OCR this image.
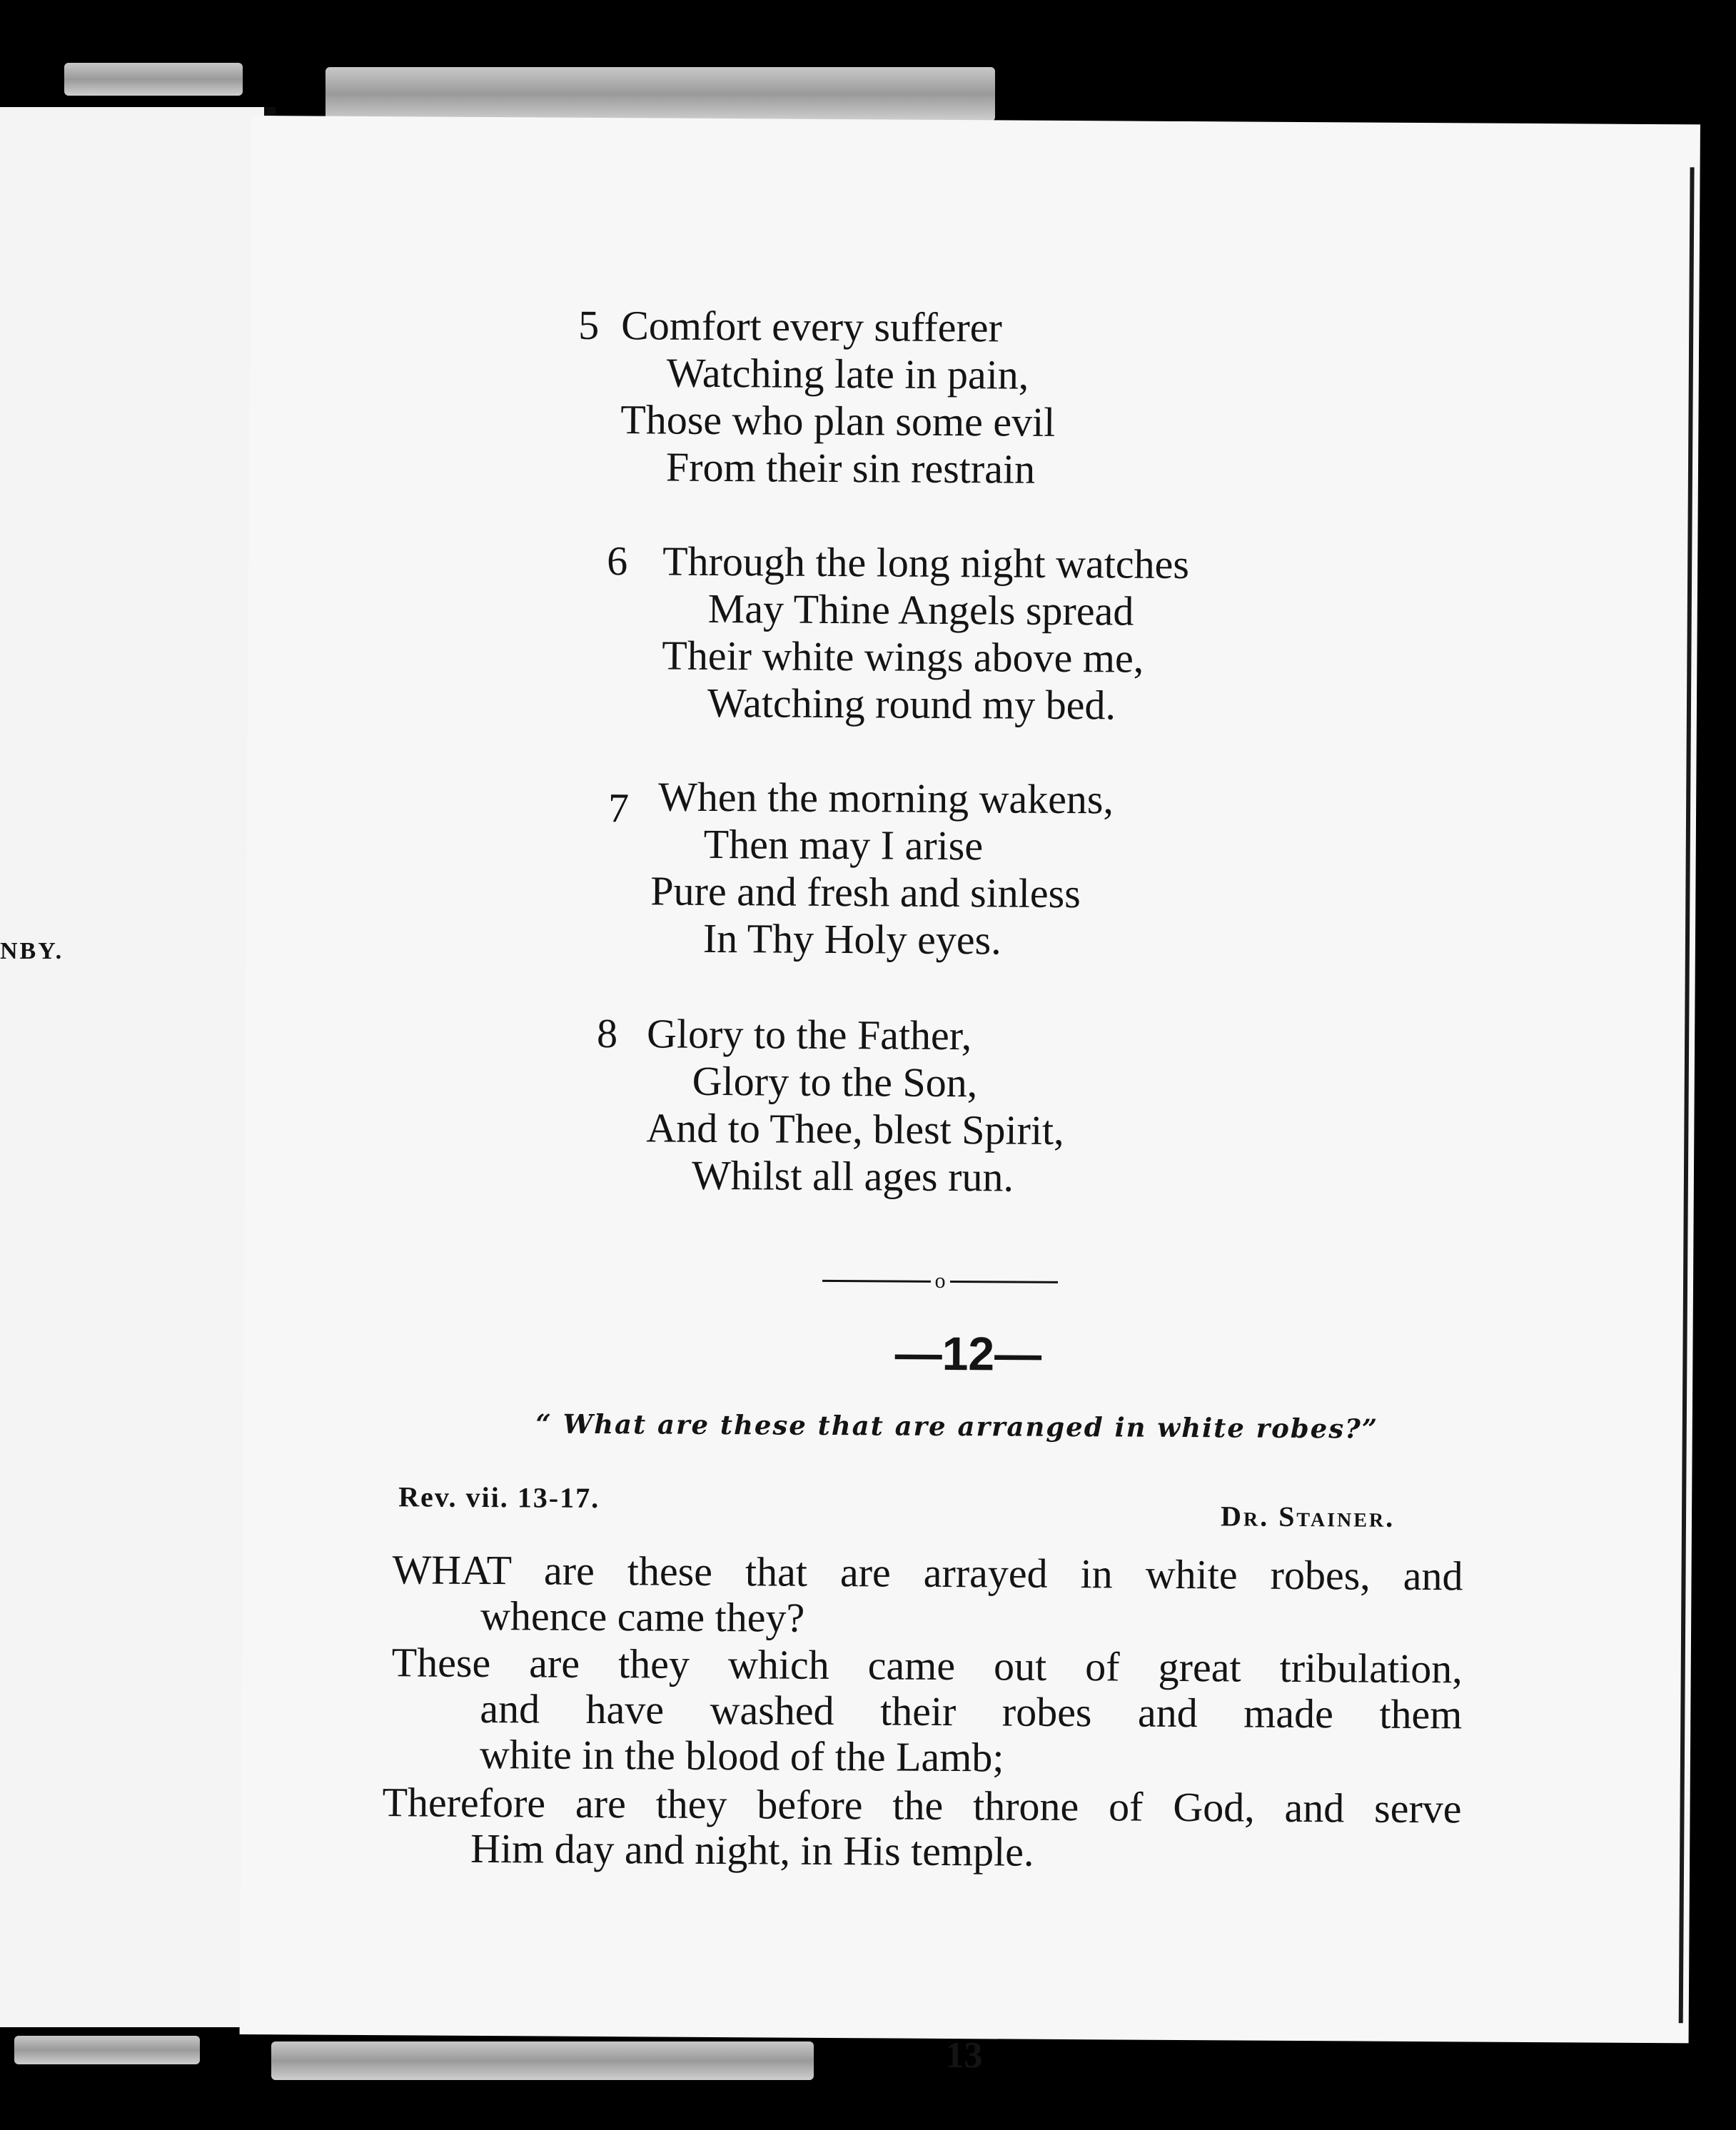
NBY.
5 Comfort every sufferer
Watching late in pain,
Those who plan some evil
From their sin restrain
6 Through the long night watches
May Thine Angels spread
Their white wings above me,
Watching round my bed.
7 When the morning wakens,
Then may I arise
Pure and fresh and sinless
In Thy Holy eyes.
8 Glory to the Father,
Glory to the Son,
And to Thee, blest Spirit,
Whilst all ages run.
o
—12—
“ What are these that are arranged in white robes?”
Rev. vii. 13-17.
Dr. Stainer.
WHAT are these that are arrayed in white robes, and
whence came they?
These are they which came out of great tribulation,
and have washed their robes and made them
white in the blood of the Lamb;
Therefore are they before the throne of God, and serve
Him day and night, in His temple.
13
